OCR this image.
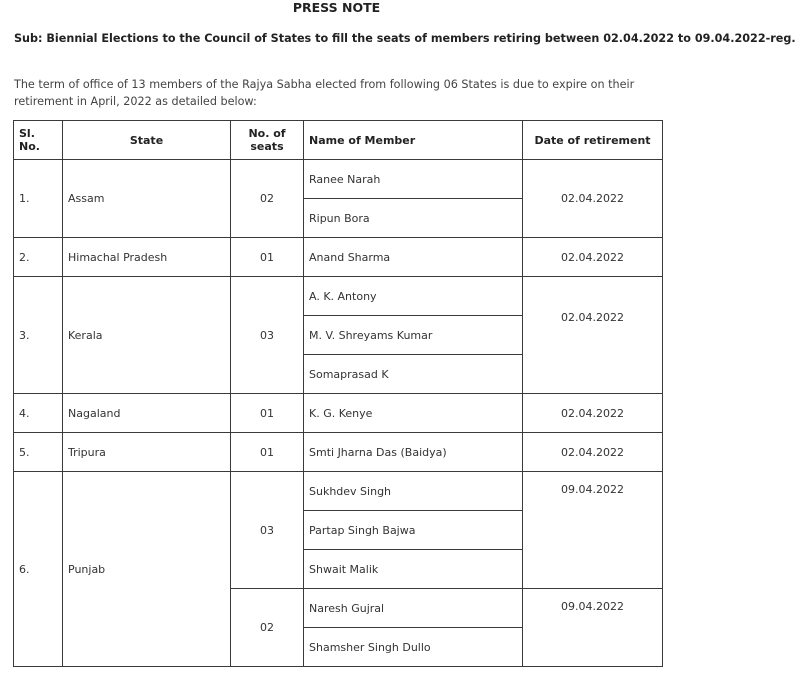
PRESS NOTE
Sub: Biennial Elections to the Council of States to fill the seats of members retiring between 02.04.2022 to 09.04.2022-reg.
The term of office of 13 members of the Rajya Sabha elected from following 06 States is due to expire on their retirement in April, 2022 as detailed below:
Sl. No.	State	No. of seats	Name of Member	Date of retirement
1.	Assam	02	Ranee Narah	02.04.2022
			Ripun Bora	
2.	Himachal Pradesh	01	Anand Sharma	02.04.2022
3.	Kerala	03	A. K. Antony	02.04.2022
			M. V. Shreyams Kumar	
			Somaprasad K	
4.	Nagaland	01	K. G. Kenye	02.04.2022
5.	Tripura	01	Smti Jharna Das (Baidya)	02.04.2022
6.	Punjab	03	Sukhdev Singh	09.04.2022
			Partap Singh Bajwa	
			Shwait Malik	
		02	Naresh Gujral	09.04.2022
			Shamsher Singh Dullo	
